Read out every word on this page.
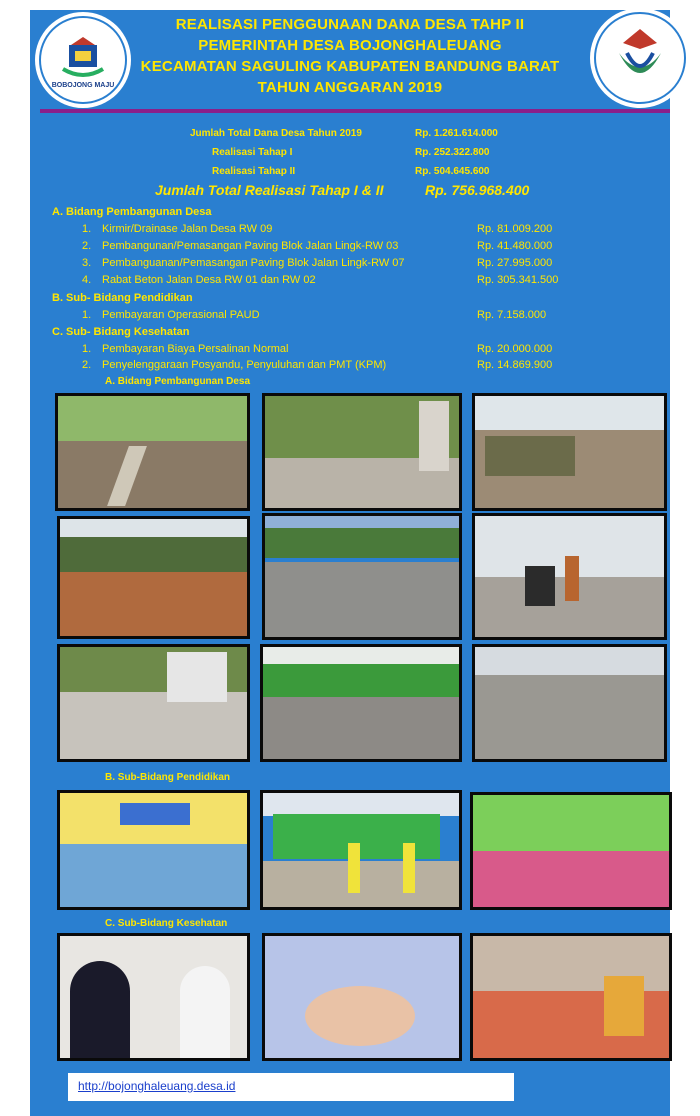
BOBOJONG MAJU
REALISASI PENGGUNAAN DANA DESA TAHP II
PEMERINTAH DESA BOJONGHALEUANG
KECAMATAN SAGULING KABUPATEN BANDUNG BARAT
TAHUN ANGGARAN 2019
Jumlah Total Dana Desa Tahun 2019	Rp. 1.261.614.000
Realisasi Tahap I	Rp. 252.322.800
Realisasi Tahap II	Rp. 504.645.600
Jumlah Total Realisasi Tahap I & II	Rp. 756.968.400
A. Bidang Pembangunan Desa
1. Kirmir/Drainase Jalan Desa RW 09	Rp. 81.009.200
2. Pembangunan/Pemasangan Paving Blok Jalan Lingk-RW 03	Rp. 41.480.000
3. Pembanguanan/Pemasangan Paving Blok Jalan Lingk-RW 07	Rp. 27.995.000
4. Rabat Beton Jalan Desa RW 01 dan RW 02	Rp. 305.341.500
B. Sub- Bidang Pendidikan
1. Pembayaran Operasional PAUD	Rp. 7.158.000
C. Sub- Bidang Kesehatan
1. Pembayaran Biaya Persalinan Normal	Rp. 20.000.000
2. Penyelenggaraan Posyandu, Penyuluhan dan PMT (KPM)	Rp. 14.869.900
A. Bidang Pembangunan Desa
B. Sub-Bidang Pendidikan
C. Sub-Bidang Kesehatan
http://bojonghaleuang.desa.id
